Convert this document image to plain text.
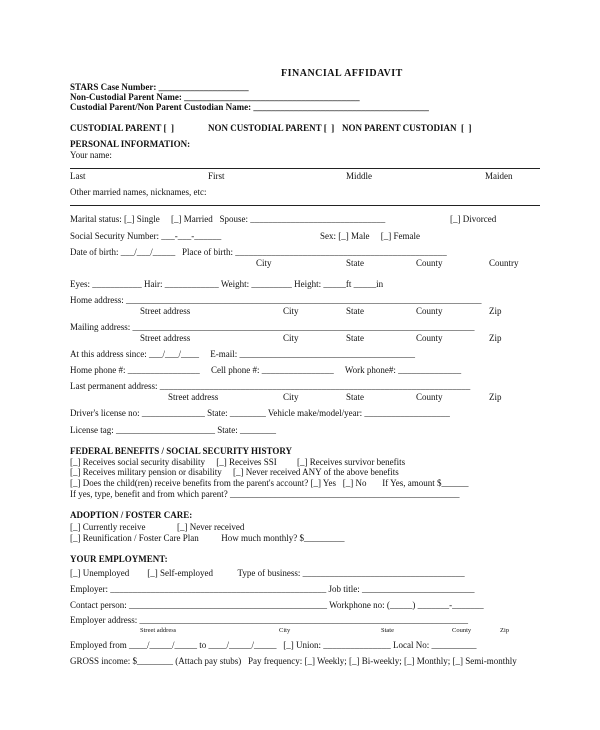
FINANCIAL AFFIDAVIT
STARS Case Number: ____________________
Non-Custodial Parent Name: _______________________________________
Custodial Parent/Non Parent Custodian Name: _______________________________________
CUSTODIAL PARENT [  ]	NON CUSTODIAL PARENT [  ] NON PARENT CUSTODIAN  [  ]
PERSONAL INFORMATION:
Your name:
Last	First	Middle	Maiden
Other married names, nicknames, etc:
Marital status: [_] Single     [_] Married   Spouse: ______________________________	[_] Divorced
Social Security Number: ___-___-______	Sex: [_] Male     [_] Female
Date of birth: ___/___/_____   Place of birth: _______________________________________________
City	State	County	Country
Eyes: ___________ Hair: ____________ Weight: _________ Height: _____ft _____in
Home address: _______________________________________________________________________________
Street address	City	State	County	Zip
Mailing address: ____________________________________________________________________________
Street address	City	State	County	Zip
At this address since: ___/___/____     E-mail: _______________________________________
Home phone #: ________________     Cell phone #: ________________     Work phone#: ______________
Last permanent address: _____________________________________________________________________
Street address	City	State	County	Zip
Driver's license no: ______________ State: ________ Vehicle make/model/year: ___________________
License tag: ______________________ State: ________
FEDERAL BENEFITS / SOCIAL SECURITY HISTORY
[_] Receives social security disability     [_] Receives SSI         [_] Receives survivor benefits
[_] Receives military pension or disability     [_] Never received ANY of the above benefits
[_] Does the child(ren) receive benefits from the parent's account? [_] Yes   [_] No       If Yes, amount $______
If yes, type, benefit and from which parent? ___________________________________________________
ADOPTION / FOSTER CARE:
[_] Currently receive              [_] Never received
[_] Reunification / Foster Care Plan          How much monthly? $_________
YOUR EMPLOYMENT:
[_] Unemployed        [_] Self-employed           Type of business: ____________________________________
Employer: ________________________________________________ Job title: _________________________
Contact person: ____________________________________________ Workphone no: (_____) _______-_______
Employer address: _________________________________________________________________________
Street address	City	State	County	Zip
Employed from ____/_____/_____ to ____/_____/_____   [_] Union: _______________ Local No: __________
GROSS income: $________ (Attach pay stubs)   Pay frequency: [_] Weekly; [_] Bi-weekly; [_] Monthly; [_] Semi-monthly
